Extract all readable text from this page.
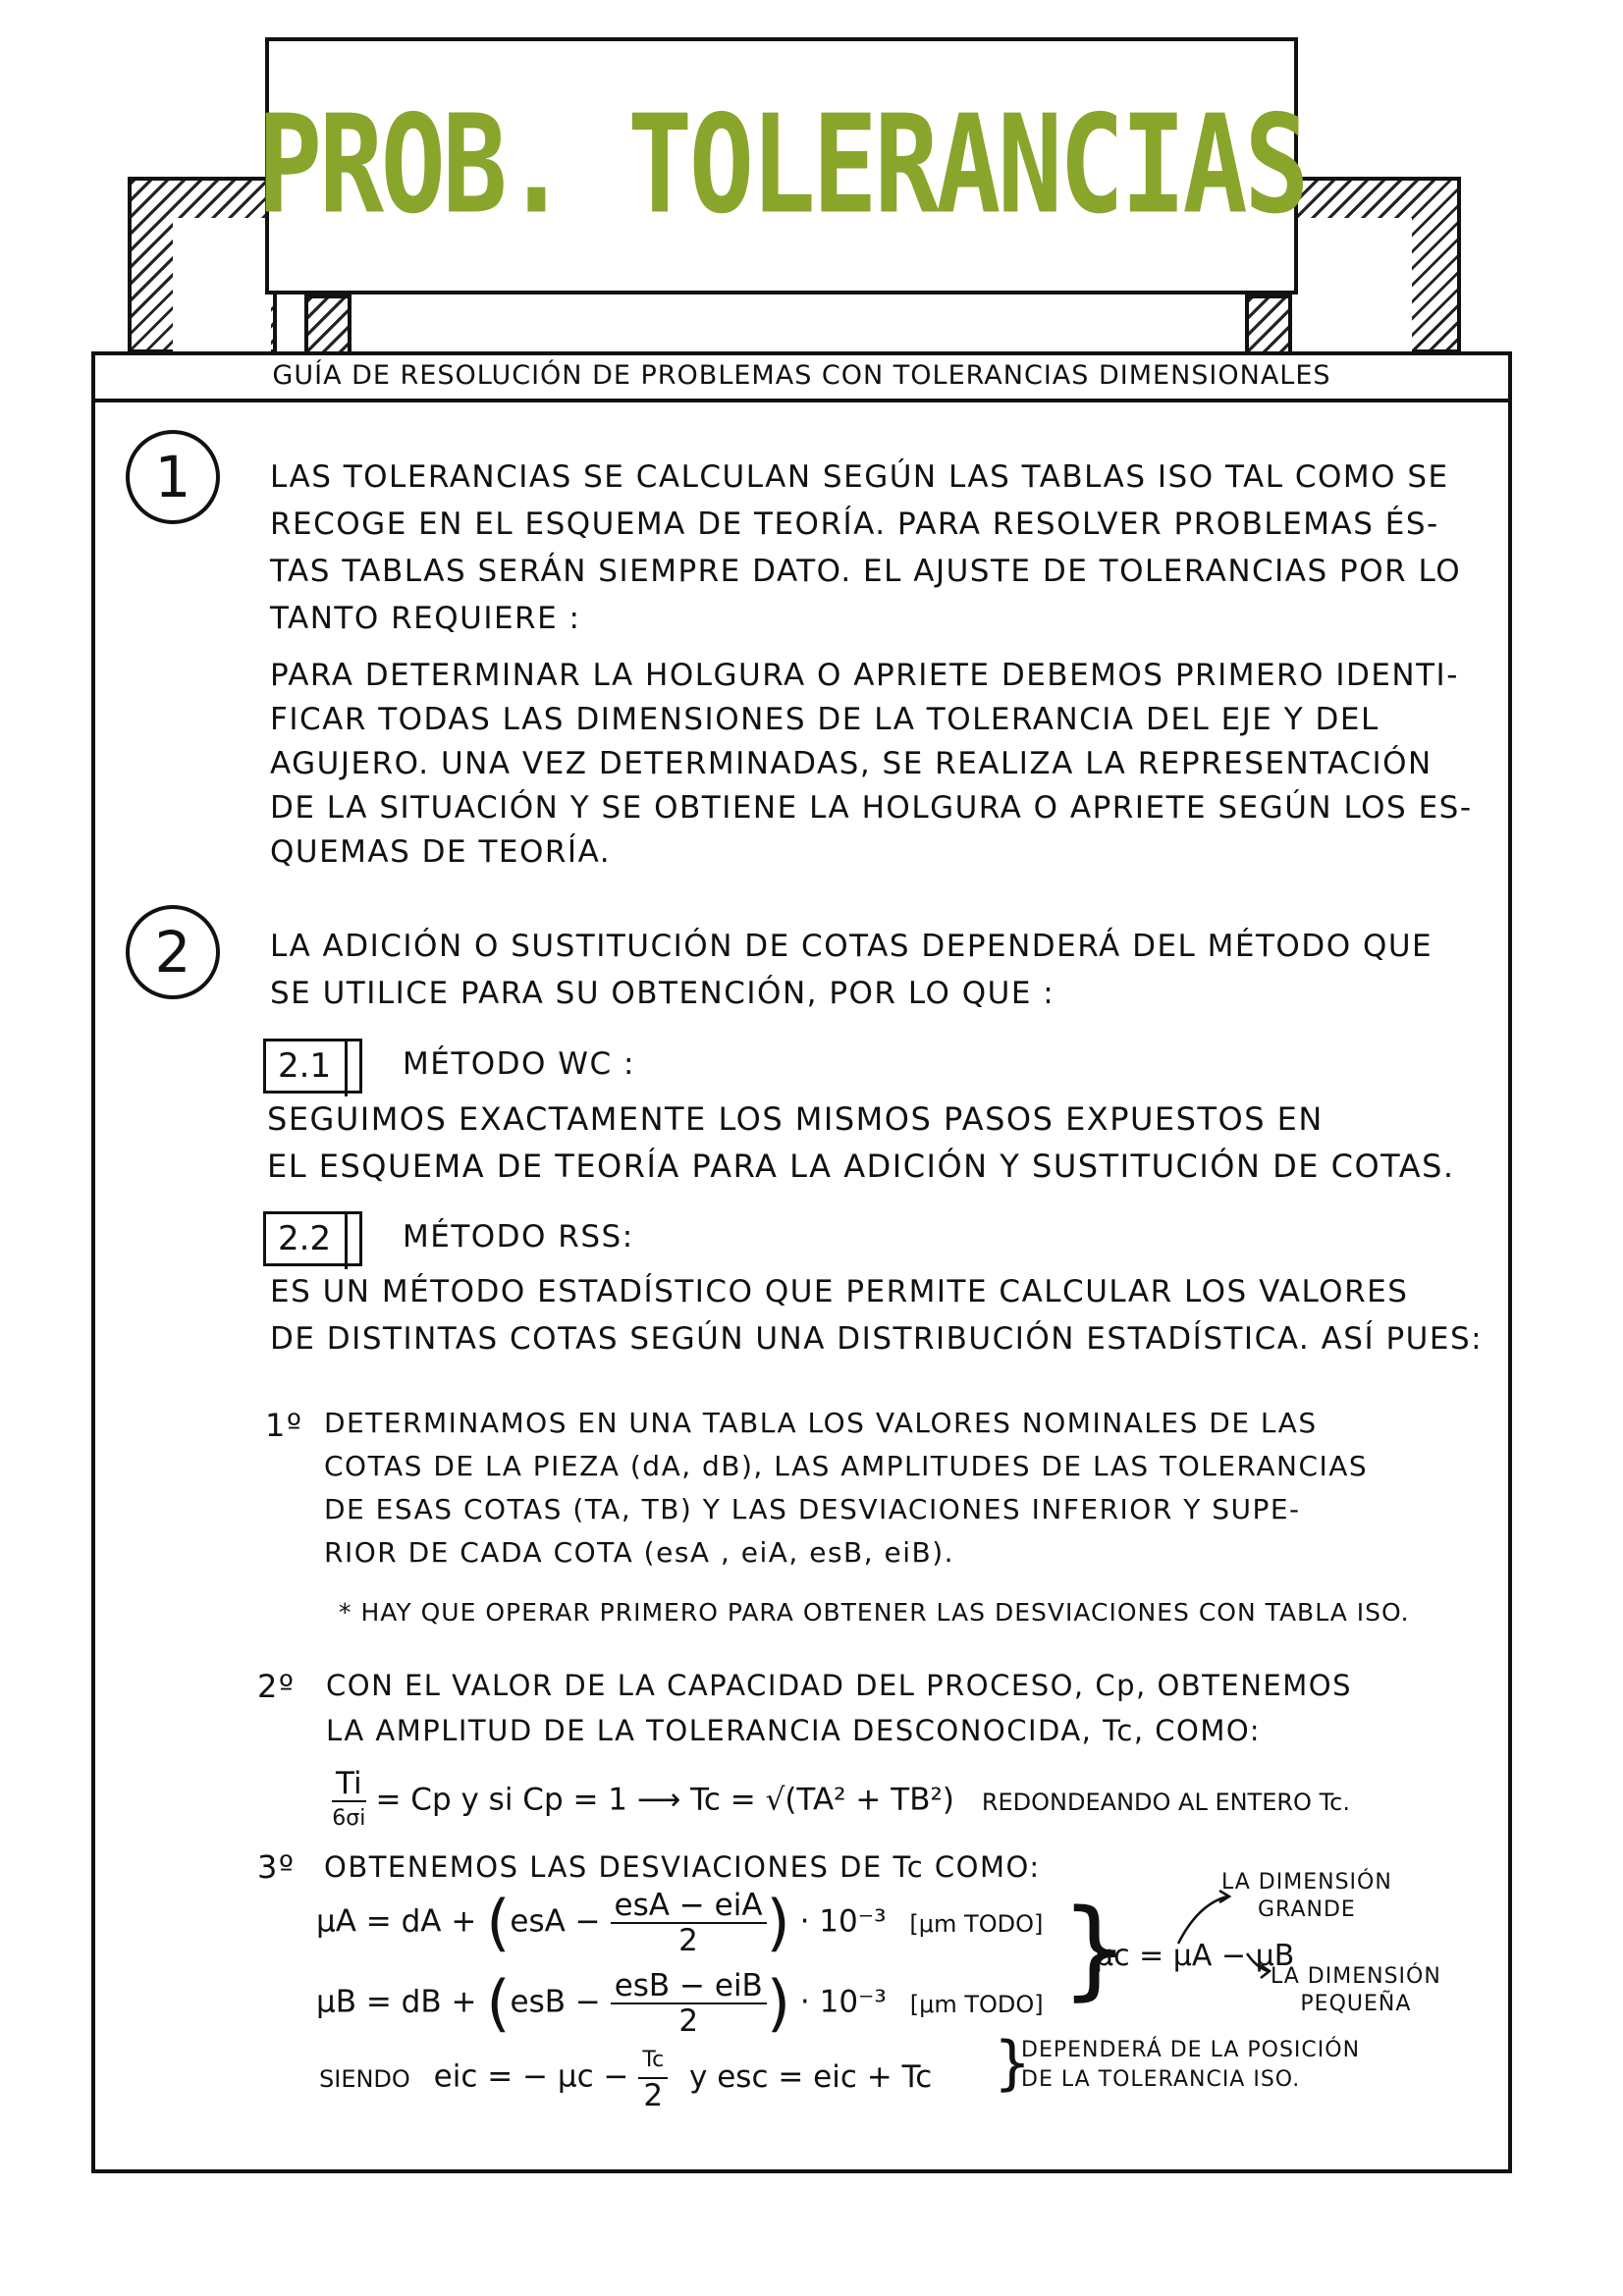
PROB. TOLERANCIAS
GUÍA DE RESOLUCIÓN DE PROBLEMAS CON TOLERANCIAS DIMENSIONALES
1	LAS TOLERANCIAS SE CALCULAN SEGÚN LAS TABLAS ISO TAL COMO SE
RECOGE EN EL ESQUEMA DE TEORÍA. PARA RESOLVER PROBLEMAS ÉS-
TAS TABLAS SERÁN SIEMPRE DATO. EL AJUSTE DE TOLERANCIAS POR LO
TANTO REQUIERE :
PARA DETERMINAR LA HOLGURA O APRIETE DEBEMOS PRIMERO IDENTI-
FICAR TODAS LAS DIMENSIONES DE LA TOLERANCIA DEL EJE Y DEL
AGUJERO. UNA VEZ DETERMINADAS, SE REALIZA LA REPRESENTACIÓN
DE LA SITUACIÓN Y SE OBTIENE LA HOLGURA O APRIETE SEGÚN LOS ES-
QUEMAS DE TEORÍA.
2	LA ADICIÓN O SUSTITUCIÓN DE COTAS DEPENDERÁ DEL MÉTODO QUE
SE UTILICE PARA SU OBTENCIÓN, POR LO QUE :
2.1	MÉTODO WC :
SEGUIMOS EXACTAMENTE LOS MISMOS PASOS EXPUESTOS EN
EL ESQUEMA DE TEORÍA PARA LA ADICIÓN Y SUSTITUCIÓN DE COTAS.
2.2	MÉTODO RSS:
ES UN MÉTODO ESTADÍSTICO QUE PERMITE CALCULAR LOS VALORES
DE DISTINTAS COTAS SEGÚN UNA DISTRIBUCIÓN ESTADÍSTICA. ASÍ PUES:
1º DETERMINAMOS EN UNA TABLA LOS VALORES NOMINALES DE LAS
COTAS DE LA PIEZA (dA, dB), LAS AMPLITUDES DE LAS TOLERANCIAS
DE ESAS COTAS (TA, TB) Y LAS DESVIACIONES INFERIOR Y SUPE-
RIOR DE CADA COTA (esA , eiA, esB, eiB).
* HAY QUE OPERAR PRIMERO PARA OBTENER LAS DESVIACIONES CON TABLA ISO.
2º CON EL VALOR DE LA CAPACIDAD DEL PROCESO, Cp, OBTENEMOS
LA AMPLITUD DE LA TOLERANCIA DESCONOCIDA, Tc, COMO:
$\frac{Ti}{6\sigma i} = Cp$ y si Cp = 1 ⟶ Tc = √(TA² + TB²) REDONDEANDO AL ENTERO Tc.
3º OBTENEMOS LAS DESVIACIONES DE Tc COMO:
μA = dA + ($esA - \frac{\text{esA − eiA}}{2}$ ) · 10⁻³ [μm TODO]
μB = dB + ($esB - \frac{\text{esB − eiB}}{2}$ ) · 10⁻³ [μm TODO] }
μc = μA − μB
LA DIMENSIÓN
GRANDE
LA DIMENSIÓN
PEQUEÑA
SIENDO eic = − $\mu c - \frac{Tc}{2}$ y esc = eic + Tc }
DEPENDERÁ DE LA POSICIÓN
DE LA TOLERANCIA ISO.
